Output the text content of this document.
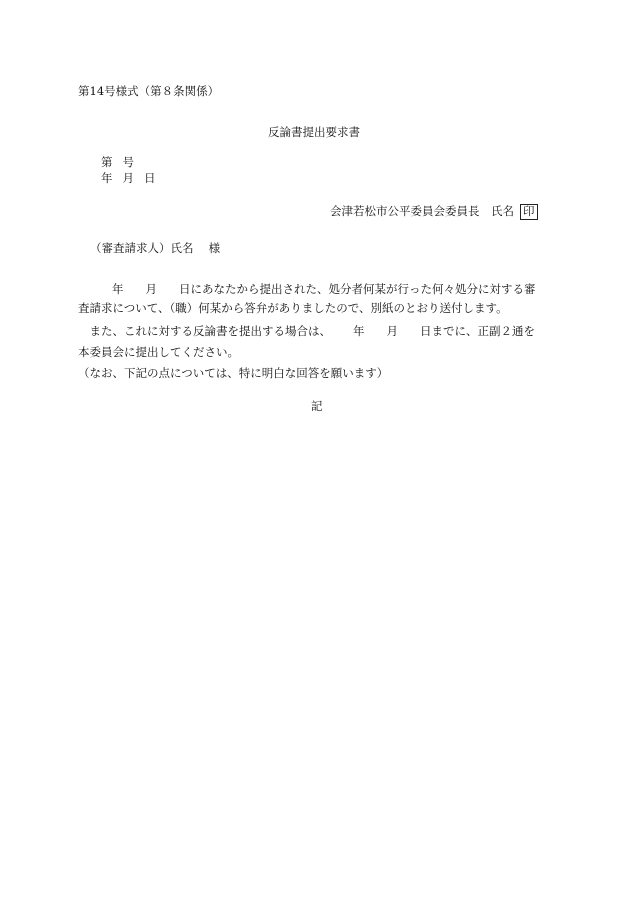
第14号様式（第８条関係）
反論書提出要求書
第 号
年 月 日
会津若松市公平委員会委員長　氏名 印
（審査請求人）氏名　 様
年 月 日にあなたから提出された、処分者何某が行った何々処分に対する審
査請求について、（職）何某から答弁がありましたので、別紙のとおり送付します。
　また、これに対する反論書を提出する場合は、 年 月 日までに、正副２通を
本委員会に提出してください。
（なお、下記の点については、特に明白な回答を願います）
記
